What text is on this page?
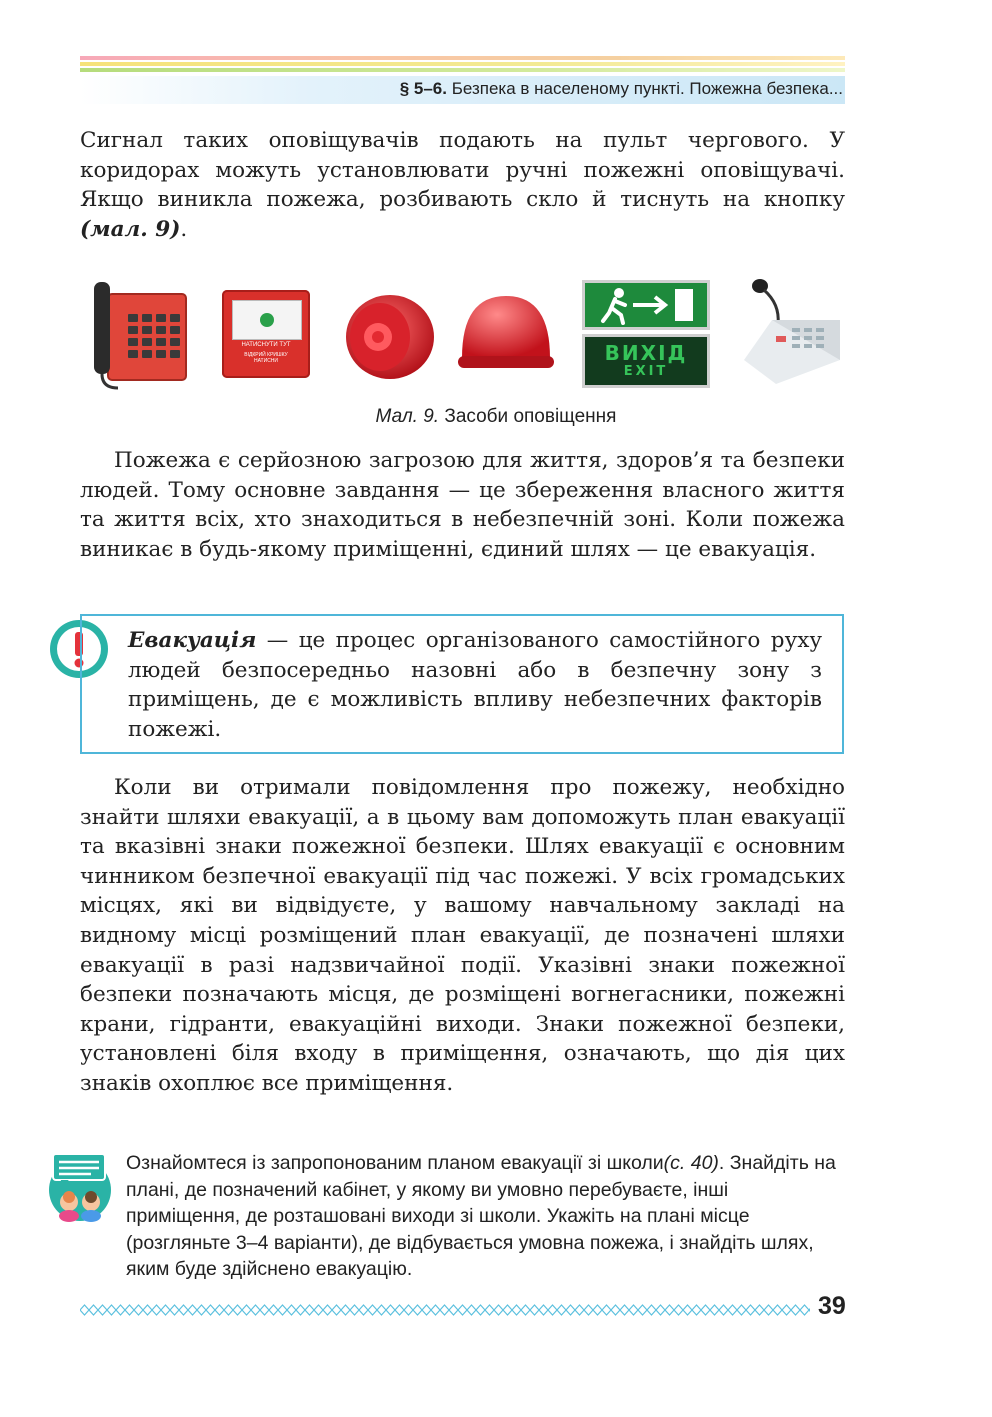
§ 5–6. Безпека в населеному пункті. Пожежна безпека...
Сигнал таких оповіщувачів подають на пульт чергового. У коридорах можуть установлювати ручні пожежні оповіщувачі. Якщо виникла пожежа, розбивають скло й тиснуть на кнопку (мал. 9).
НАТИСНУТИ ТУТ
ВІДКРИЙ КРИШКУ НАТИСНИ	ВИХІД
EXIT
Мал. 9. Засоби оповіщення
Пожежа є серйозною загрозою для життя, здоров’я та безпеки людей. Тому основне завдання — це збереження власного життя та життя всіх, хто знаходиться в небезпечній зоні. Коли пожежа виникає в будь-якому приміщенні, єдиний шлях — це евакуація.
Евакуація — це процес організованого самостійного руху людей безпосередньо назовні або в безпечну зону з приміщень, де є можливість впливу небезпечних факторів пожежі.
Коли ви отримали повідомлення про пожежу, необхідно знайти шляхи евакуації, а в цьому вам допоможуть план евакуації та вказівні знаки пожежної безпеки. Шлях евакуації є основним чинником безпечної евакуації під час пожежі. У всіх громадських місцях, які ви відвідуєте, у вашому навчальному закладі на видному місці розміщений план евакуації, де позначені шляхи евакуації в разі надзвичайної події. Указівні знаки пожежної безпеки позначають місця, де розміщені вогнегасники, пожежні крани, гідранти, евакуаційні виходи. Знаки пожежної безпеки, установлені біля входу в приміщення, означають, що дія цих знаків охоплює все приміщення.
Ознайомтеся із запропонованим планом евакуації зі школи(с. 40). Знайдіть на плані, де позначений кабінет, у якому ви умовно перебуваєте, інші приміщення, де розташовані виходи зі школи. Укажіть на плані місце (розгляньте 3–4 варіанти), де відбувається умовна пожежа, і знайдіть шлях, яким буде здійснено евакуацію.
39
